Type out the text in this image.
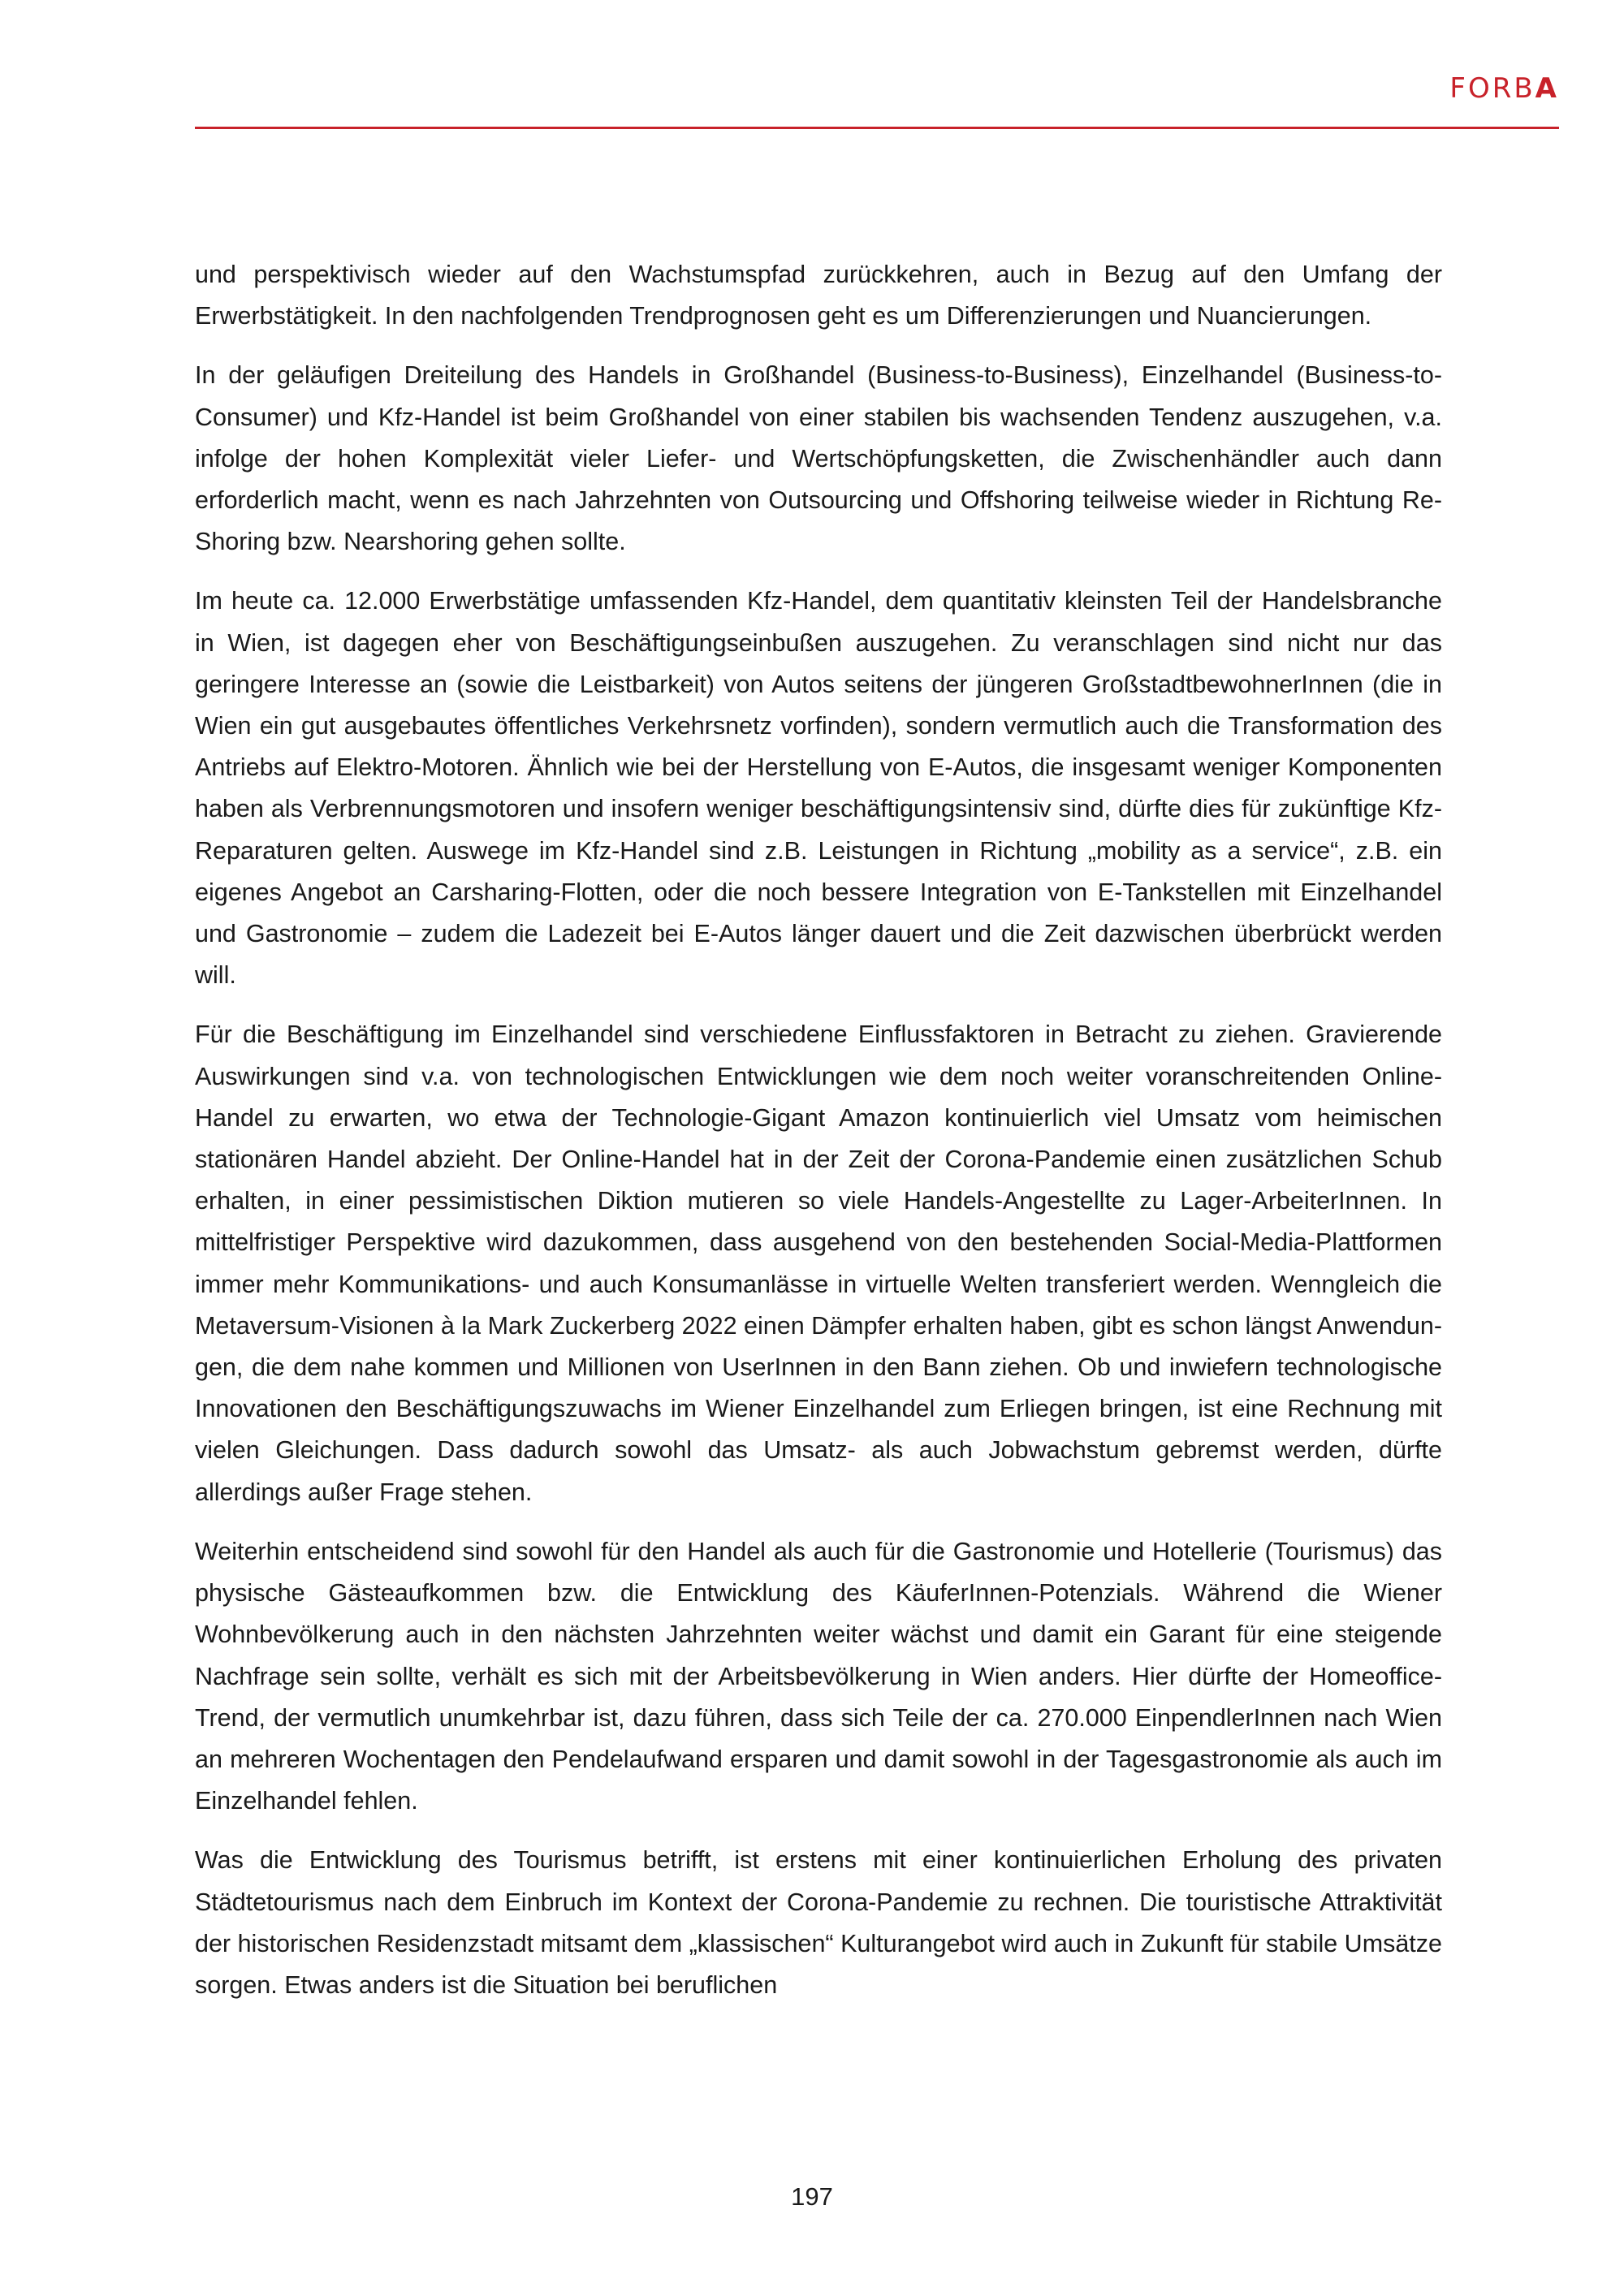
FORBA

und perspektivisch wieder auf den Wachstumspfad zurückkehren, auch in Bezug auf den Umfang der Erwerbstätigkeit. In den nachfolgenden Trendprognosen geht es um Differenzierungen und Nuancierungen.

In der geläufigen Dreiteilung des Handels in Großhandel (Business-to-Business), Einzelhandel (Business-to-Consumer) und Kfz-Handel ist beim Großhandel von einer stabilen bis wachsenden Tendenz auszugehen, v.a. infolge der hohen Komplexität vieler Liefer- und Wertschöpfungsketten, die Zwischenhändler auch dann erforderlich macht, wenn es nach Jahrzehnten von Outsourcing und Offshoring teilweise wieder in Richtung Re-Shoring bzw. Nearshoring gehen sollte.

Im heute ca. 12.000 Erwerbstätige umfassenden Kfz-Handel, dem quantitativ kleinsten Teil der Handelsbranche in Wien, ist dagegen eher von Beschäftigungseinbußen auszugehen. Zu veranschlagen sind nicht nur das geringere Interesse an (sowie die Leistbarkeit) von Autos seitens der jüngeren GroßstadtbewohnerInnen (die in Wien ein gut ausgebautes öffentliches Verkehrsnetz vorfinden), sondern vermutlich auch die Transformation des Antriebs auf Elektro-Motoren. Ähnlich wie bei der Herstellung von E-Autos, die insgesamt weniger Komponenten haben als Verbrennungsmotoren und insofern weniger beschäftigungsintensiv sind, dürfte dies für zukünftige Kfz-Reparaturen gelten. Auswege im Kfz-Handel sind z.B. Leistungen in Richtung „mobility as a service“, z.B. ein eigenes Angebot an Carsharing-Flotten, oder die noch bessere Integration von E-Tankstellen mit Einzelhandel und Gastronomie – zudem die Ladezeit bei E-Autos länger dauert und die Zeit dazwischen überbrückt werden will.

Für die Beschäftigung im Einzelhandel sind verschiedene Einflussfaktoren in Betracht zu ziehen. Gravierende Auswirkungen sind v.a. von technologischen Entwicklungen wie dem noch weiter voranschreitenden Online-Handel zu erwarten, wo etwa der Technologie-Gigant Amazon kontinuierlich viel Umsatz vom heimischen stationären Handel abzieht. Der Online-Handel hat in der Zeit der Corona-Pandemie einen zusätzlichen Schub erhalten, in einer pessimistischen Diktion mutieren so viele Handels-Angestellte zu Lager-ArbeiterInnen. In mittelfristiger Perspektive wird dazukommen, dass ausgehend von den bestehenden Social-Media-Plattformen immer mehr Kommunikations- und auch Konsumanlässe in virtuelle Welten transferiert werden. Wenngleich die Metaversum-Visionen à la Mark Zuckerberg 2022 einen Dämpfer erhalten haben, gibt es schon längst Anwendungen, die dem nahe kommen und Millionen von UserInnen in den Bann ziehen. Ob und inwiefern technologische Innovationen den Beschäftigungszuwachs im Wiener Einzelhandel zum Erliegen bringen, ist eine Rechnung mit vielen Gleichungen. Dass dadurch sowohl das Umsatz- als auch Jobwachstum gebremst werden, dürfte allerdings außer Frage stehen.

Weiterhin entscheidend sind sowohl für den Handel als auch für die Gastronomie und Hotellerie (Tourismus) das physische Gästeaufkommen bzw. die Entwicklung des KäuferInnen-Potenzials. Während die Wiener Wohnbevölkerung auch in den nächsten Jahrzehnten weiter wächst und damit ein Garant für eine steigende Nachfrage sein sollte, verhält es sich mit der Arbeitsbevölkerung in Wien anders. Hier dürfte der Homeoffice-Trend, der vermutlich unumkehrbar ist, dazu führen, dass sich Teile der ca. 270.000 EinpendlerInnen nach Wien an mehreren Wochentagen den Pendelaufwand ersparen und damit sowohl in der Tagesgastronomie als auch im Einzelhandel fehlen.

Was die Entwicklung des Tourismus betrifft, ist erstens mit einer kontinuierlichen Erholung des privaten Städtetourismus nach dem Einbruch im Kontext der Corona-Pandemie zu rechnen. Die touristische Attraktivität der historischen Residenzstadt mitsamt dem „klassischen“ Kulturangebot wird auch in Zukunft für stabile Umsätze sorgen. Etwas anders ist die Situation bei beruflichen

197
